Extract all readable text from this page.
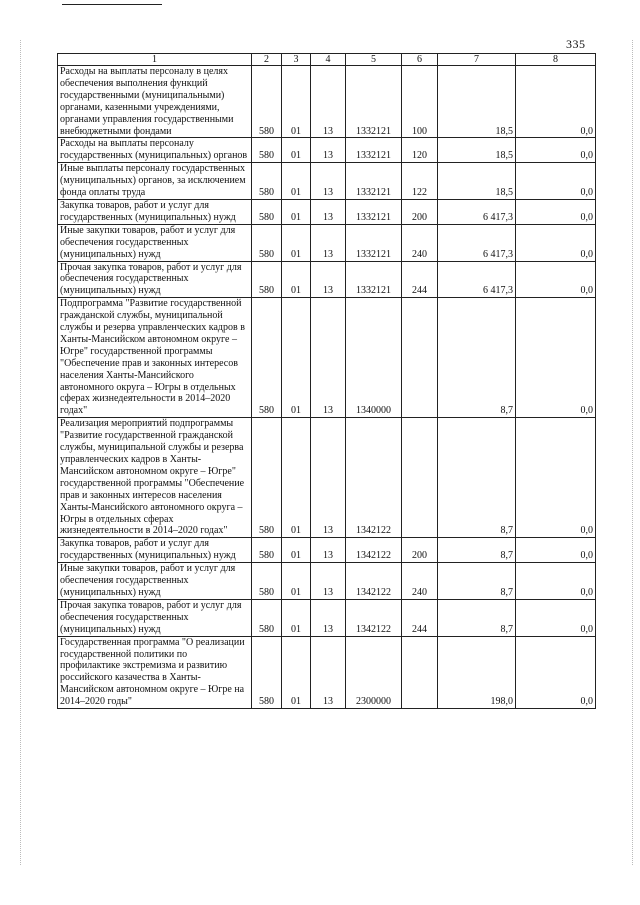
335
1	2	3	4	5	6	7	8

Расходы на выплаты персоналу в целях обеспечения выполнения функций государственными (муниципальными) органами, казенными учреждениями, органами управления государственными внебюджетными фондами	580	01	13	1332121	100	18,5	0,0

Расходы на выплаты персоналу государственных (муниципальных) органов	580	01	13	1332121	120	18,5	0,0

Иные выплаты персоналу государственных (муниципальных) органов, за исключением фонда оплаты труда	580	01	13	1332121	122	18,5	0,0

Закупка товаров, работ и услуг для государственных (муниципальных) нужд	580	01	13	1332121	200	6 417,3	0,0

Иные закупки товаров, работ и услуг для обеспечения государственных (муниципальных) нужд	580	01	13	1332121	240	6 417,3	0,0

Прочая закупка товаров, работ и услуг для обеспечения государственных (муниципальных) нужд	580	01	13	1332121	244	6 417,3	0,0

Подпрограмма "Развитие государственной гражданской службы, муниципальной службы и резерва управленческих кадров в Ханты-Мансийском автономном округе – Югре" государственной программы "Обеспечение прав и законных интересов населения Ханты-Мансийского автономного округа – Югры в отдельных сферах жизнедеятельности в 2014–2020 годах"	580	01	13	1340000		8,7	0,0

Реализация мероприятий подпрограммы "Развитие государственной гражданской службы, муниципальной службы и резерва управленческих кадров в Ханты-Мансийском автономном округе – Югре" государственной программы "Обеспечение прав и законных интересов населения Ханты-Мансийского автономного округа – Югры в отдельных сферах жизнедеятельности в 2014–2020 годах"	580	01	13	1342122		8,7	0,0

Закупка товаров, работ и услуг для государственных (муниципальных) нужд	580	01	13	1342122	200	8,7	0,0

Иные закупки товаров, работ и услуг для обеспечения государственных (муниципальных) нужд	580	01	13	1342122	240	8,7	0,0

Прочая закупка товаров, работ и услуг для обеспечения государственных (муниципальных) нужд	580	01	13	1342122	244	8,7	0,0

Государственная программа "О реализации государственной политики по профилактике экстремизма и развитию российского казачества в Ханты-Мансийском автономном округе – Югре на 2014–2020 годы"	580	01	13	2300000		198,0	0,0
